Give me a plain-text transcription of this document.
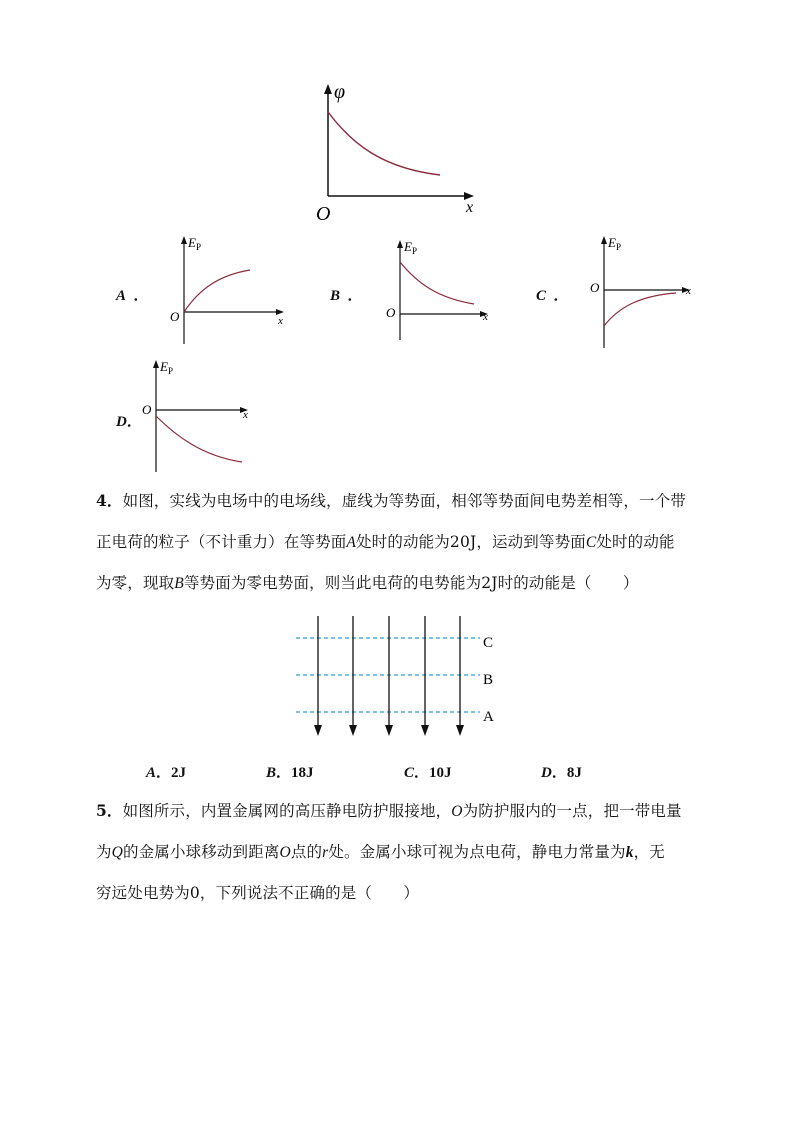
φ
O	x
A ．
$E_P$
O	x
B ．
$E_P$
O	x
C ．
$E_P$
O	x
D．
$E_P$
O	x
4．如图，实线为电场中的电场线，虚线为等势面，相邻等势面间电势差相等，一个带
正电荷的粒子（不计重力）在等势面A处时的动能为20J，运动到等势面C处时的动能
为零，现取B等势面为零电势面，则当此电荷的电势能为2J时的动能是（　　）
C
B
A
A．2J	B．18J	C．10J	D．8J
5．如图所示，内置金属网的高压静电防护服接地，O为防护服内的一点，把一带电量
为Q的金属小球移动到距离O点的r处。金属小球可视为点电荷，静电力常量为k，无
穷远处电势为0，下列说法不正确的是（　　）
